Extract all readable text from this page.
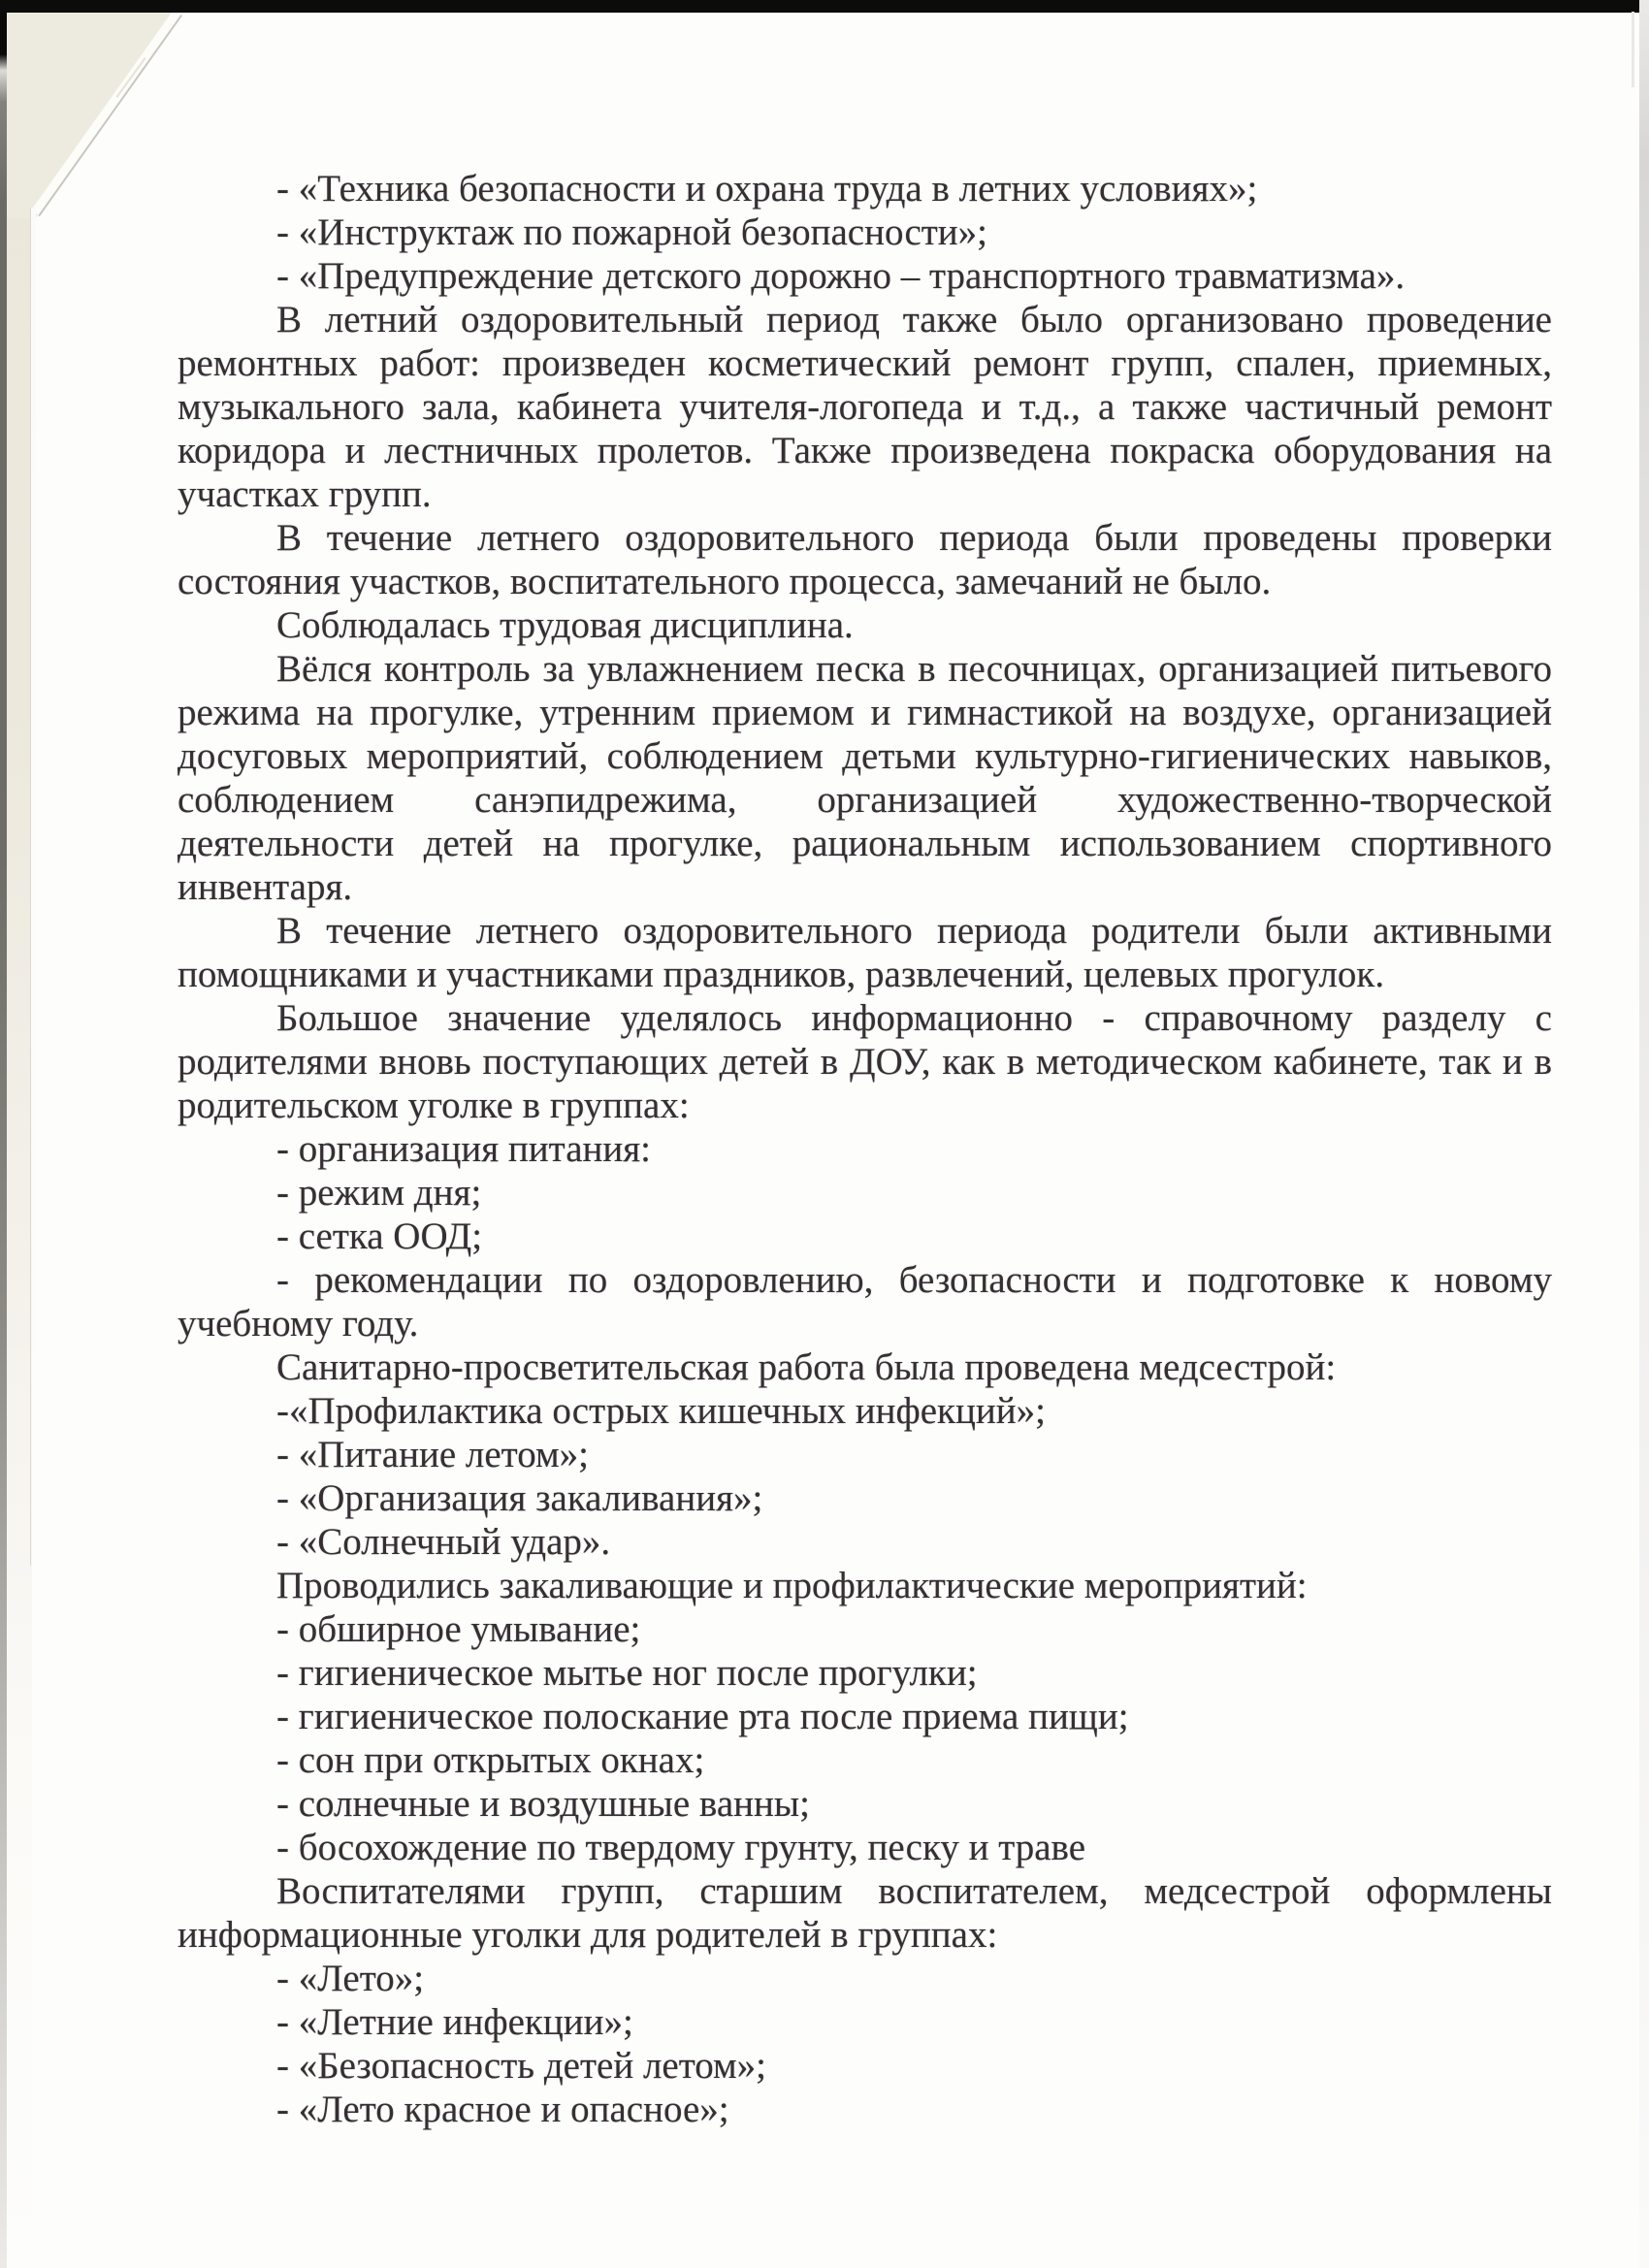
- «Техника безопасности и охрана труда в летних условиях»;
- «Инструктаж по пожарной безопасности»;
- «Предупреждение детского дорожно – транспортного травматизма».
В летний оздоровительный период также было организовано проведение
ремонтных работ: произведен косметический ремонт групп, спален, приемных,
музыкального зала, кабинета учителя-логопеда и т.д., а также частичный ремонт
коридора и лестничных пролетов. Также произведена покраска оборудования на
участках групп.
В течение летнего оздоровительного периода были проведены проверки
состояния участков, воспитательного процесса, замечаний не было.
Соблюдалась трудовая дисциплина.
Вёлся контроль за увлажнением песка в песочницах, организацией питьевого
режима на прогулке, утренним приемом и гимнастикой на воздухе, организацией
досуговых мероприятий, соблюдением детьми культурно-гигиенических навыков,
соблюдением санэпидрежима, организацией художественно-творческой
деятельности детей на прогулке, рациональным использованием спортивного
инвентаря.
В течение летнего оздоровительного периода родители были активными
помощниками и участниками праздников, развлечений, целевых прогулок.
Большое значение уделялось информационно - справочному разделу с
родителями вновь поступающих детей в ДОУ, как в методическом кабинете, так и в
родительском уголке в группах:
- организация питания:
- режим дня;
- сетка ООД;
- рекомендации по оздоровлению, безопасности и подготовке к новому
учебному году.
Санитарно-просветительская работа была проведена медсестрой:
-«Профилактика острых кишечных инфекций»;
- «Питание летом»;
- «Организация закаливания»;
- «Солнечный удар».
Проводились закаливающие и профилактические мероприятий:
- обширное умывание;
- гигиеническое мытье ног после прогулки;
- гигиеническое полоскание рта после приема пищи;
- сон при открытых окнах;
- солнечные и воздушные ванны;
- босохождение по твердому грунту, песку и траве
Воспитателями групп, старшим воспитателем, медсестрой оформлены
информационные уголки для родителей в группах:
- «Лето»;
- «Летние инфекции»;
- «Безопасность детей летом»;
- «Лето красное и опасное»;
